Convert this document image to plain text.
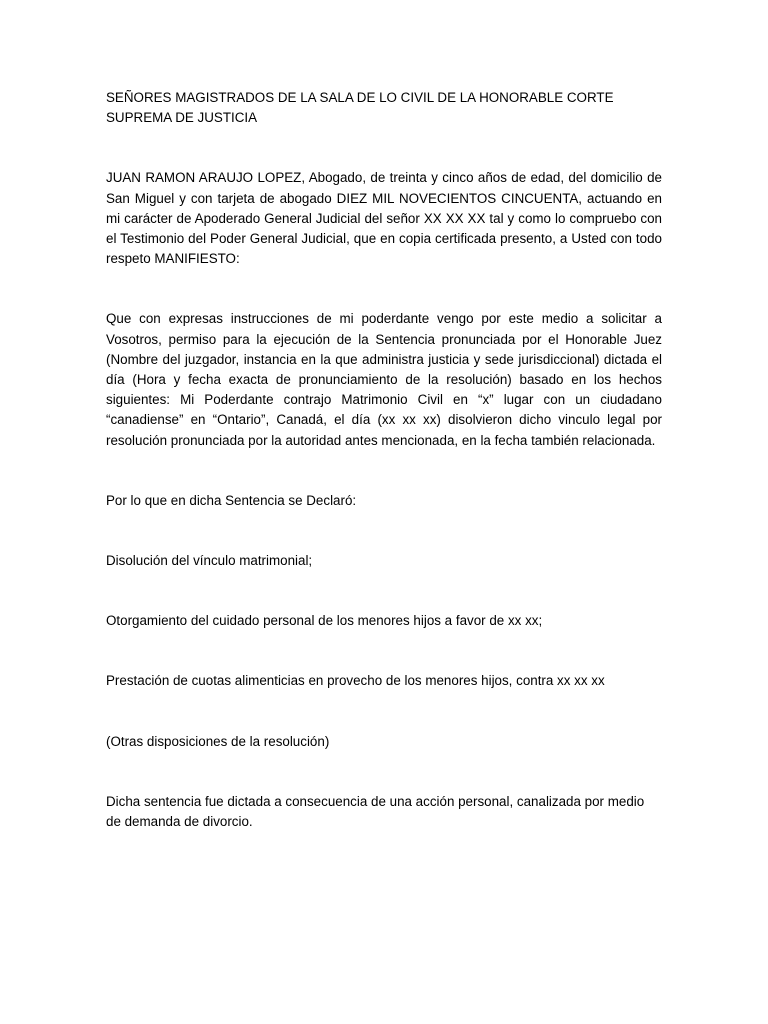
SEÑORES MAGISTRADOS DE LA SALA DE LO CIVIL DE LA HONORABLE CORTE SUPREMA DE JUSTICIA

JUAN RAMON ARAUJO LOPEZ, Abogado, de treinta y cinco años de edad, del domicilio de San Miguel y con tarjeta de abogado DIEZ MIL NOVECIENTOS CINCUENTA, actuando en mi carácter de Apoderado General Judicial del señor XX XX XX tal y como lo compruebo con el Testimonio del Poder General Judicial, que en copia certificada presento, a Usted con todo respeto MANIFIESTO:

Que con expresas instrucciones de mi poderdante vengo por este medio a solicitar a Vosotros, permiso para la ejecución de la Sentencia pronunciada por el Honorable Juez (Nombre del juzgador, instancia en la que administra justicia y sede jurisdiccional) dictada el día (Hora y fecha exacta de pronunciamiento de la resolución) basado en los hechos siguientes: Mi Poderdante contrajo Matrimonio Civil en “x” lugar con un ciudadano “canadiense” en “Ontario”, Canadá, el día (xx xx xx) disolvieron dicho vinculo legal por resolución pronunciada por la autoridad antes mencionada, en la fecha también relacionada.

Por lo que en dicha Sentencia se Declaró:

Disolución del vínculo matrimonial;

Otorgamiento del cuidado personal de los menores hijos a favor de xx xx;

Prestación de cuotas alimenticias en provecho de los menores hijos, contra xx xx xx

(Otras disposiciones de la resolución)

Dicha sentencia fue dictada a consecuencia de una acción personal, canalizada por medio de demanda de divorcio.
